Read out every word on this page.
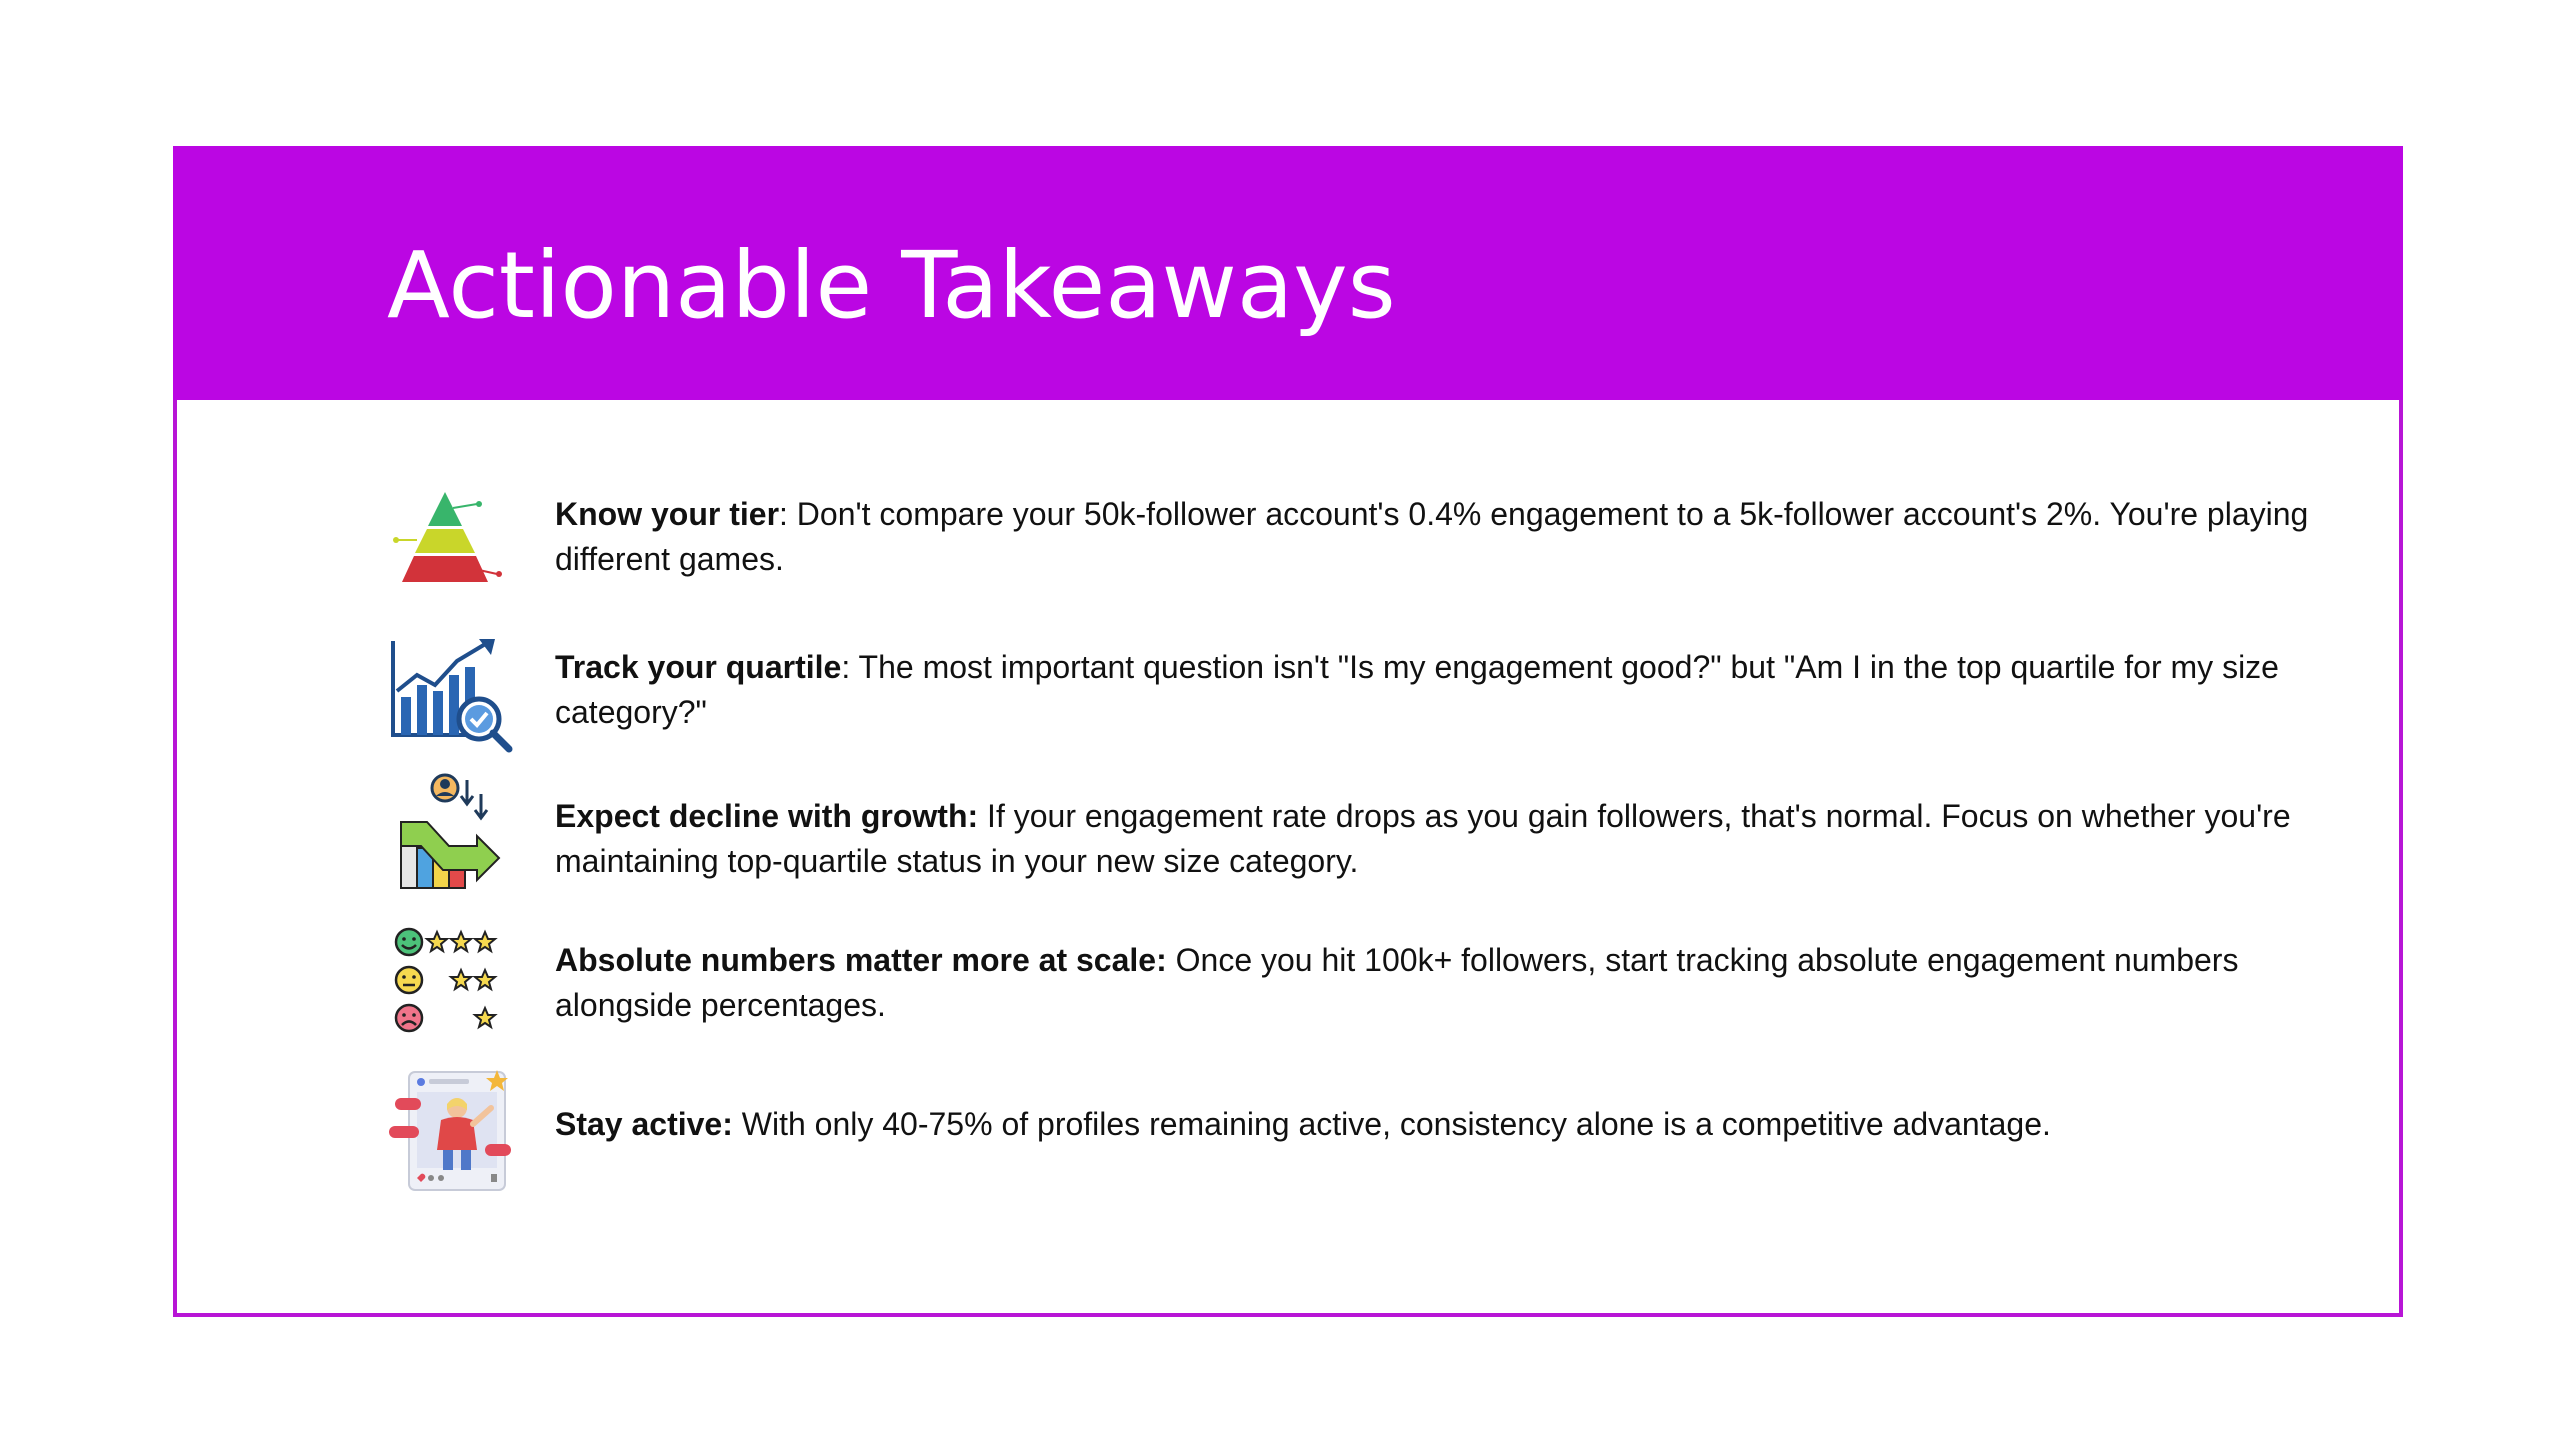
Actionable Takeaways
Know your tier: Don't compare your 50k-follower account's 0.4% engagement to a 5k-follower account's 2%. You're playing different games.
Track your quartile: The most important question isn't "Is my engagement good?" but "Am I in the top quartile for my size category?"
Expect decline with growth: If your engagement rate drops as you gain followers, that's normal. Focus on whether you're maintaining top-quartile status in your new size category.
Absolute numbers matter more at scale: Once you hit 100k+ followers, start tracking absolute engagement numbers alongside percentages.
Stay active: With only 40-75% of profiles remaining active, consistency alone is a competitive advantage.
